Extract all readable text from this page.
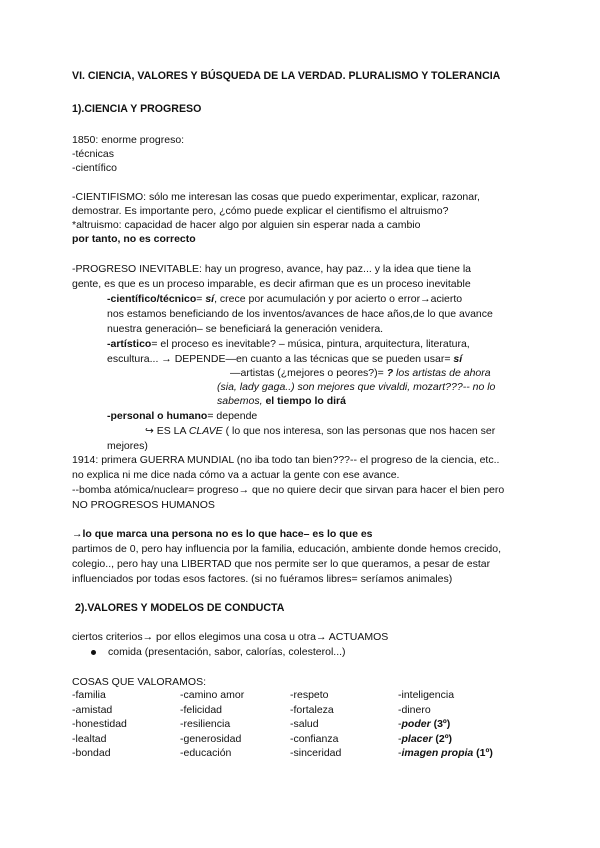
VI. CIENCIA, VALORES Y BÚSQUEDA DE LA VERDAD. PLURALISMO Y TOLERANCIA
1).CIENCIA Y PROGRESO
1850: enorme progreso:
-técnicas
-científico
-CIENTIFISMO: sólo me interesan las cosas que puedo experimentar, explicar, razonar,
demostrar. Es importante pero, ¿cómo puede explicar el cientifismo el altruismo?
*altruismo: capacidad de hacer algo por alguien sin esperar nada a cambio
por tanto, no es correcto
-PROGRESO INEVITABLE: hay un progreso, avance, hay paz... y la idea que tiene la
gente, es que es un proceso imparable, es decir afirman que es un proceso inevitable
-científico/técnico= sí, crece por acumulación y por acierto o error→acierto
nos estamos beneficiando de los inventos/avances de hace años,de lo que avance
nuestra generación– se beneficiará la generación venidera.
-artístico= el proceso es inevitable? – música, pintura, arquitectura, literatura,
escultura... → DEPENDE—en cuanto a las técnicas que se pueden usar= sí
—artistas (¿mejores o peores?)= ? los artistas de ahora
(sia, lady gaga..) son mejores que vivaldi, mozart???-- no lo
sabemos, el tiempo lo dirá
-personal o humano= depende
↪ ES LA CLAVE ( lo que nos interesa, son las personas que nos hacen ser
mejores)
1914: primera GUERRA MUNDIAL (no iba todo tan bien???-- el progreso de la ciencia, etc..
no explica ni me dice nada cómo va a actuar la gente con ese avance.
--bomba atómica/nuclear= progreso→ que no quiere decir que sirvan para hacer el bien pero
NO PROGRESOS HUMANOS
→lo que marca una persona no es lo que hace– es lo que es
partimos de 0, pero hay influencia por la familia, educación, ambiente donde hemos crecido,
colegio.., pero hay una LIBERTAD que nos permite ser lo que queramos, a pesar de estar
influenciados por todas esos factores. (si no fuéramos libres= seríamos animales)
2).VALORES Y MODELOS DE CONDUCTA
ciertos criterios→ por ellos elegimos una cosa u otra→ ACTUAMOS
comida (presentación, sabor, calorías, colesterol...)
COSAS QUE VALORAMOS:
-familia
-amistad
-honestidad
-lealtad
-bondad
-camino amor
-felicidad
-resiliencia
-generosidad
-educación
-respeto
-fortaleza
-salud
-confianza
-sinceridad
-inteligencia
-dinero
-poder (3º)
-placer (2º)
-imagen propia (1º)
